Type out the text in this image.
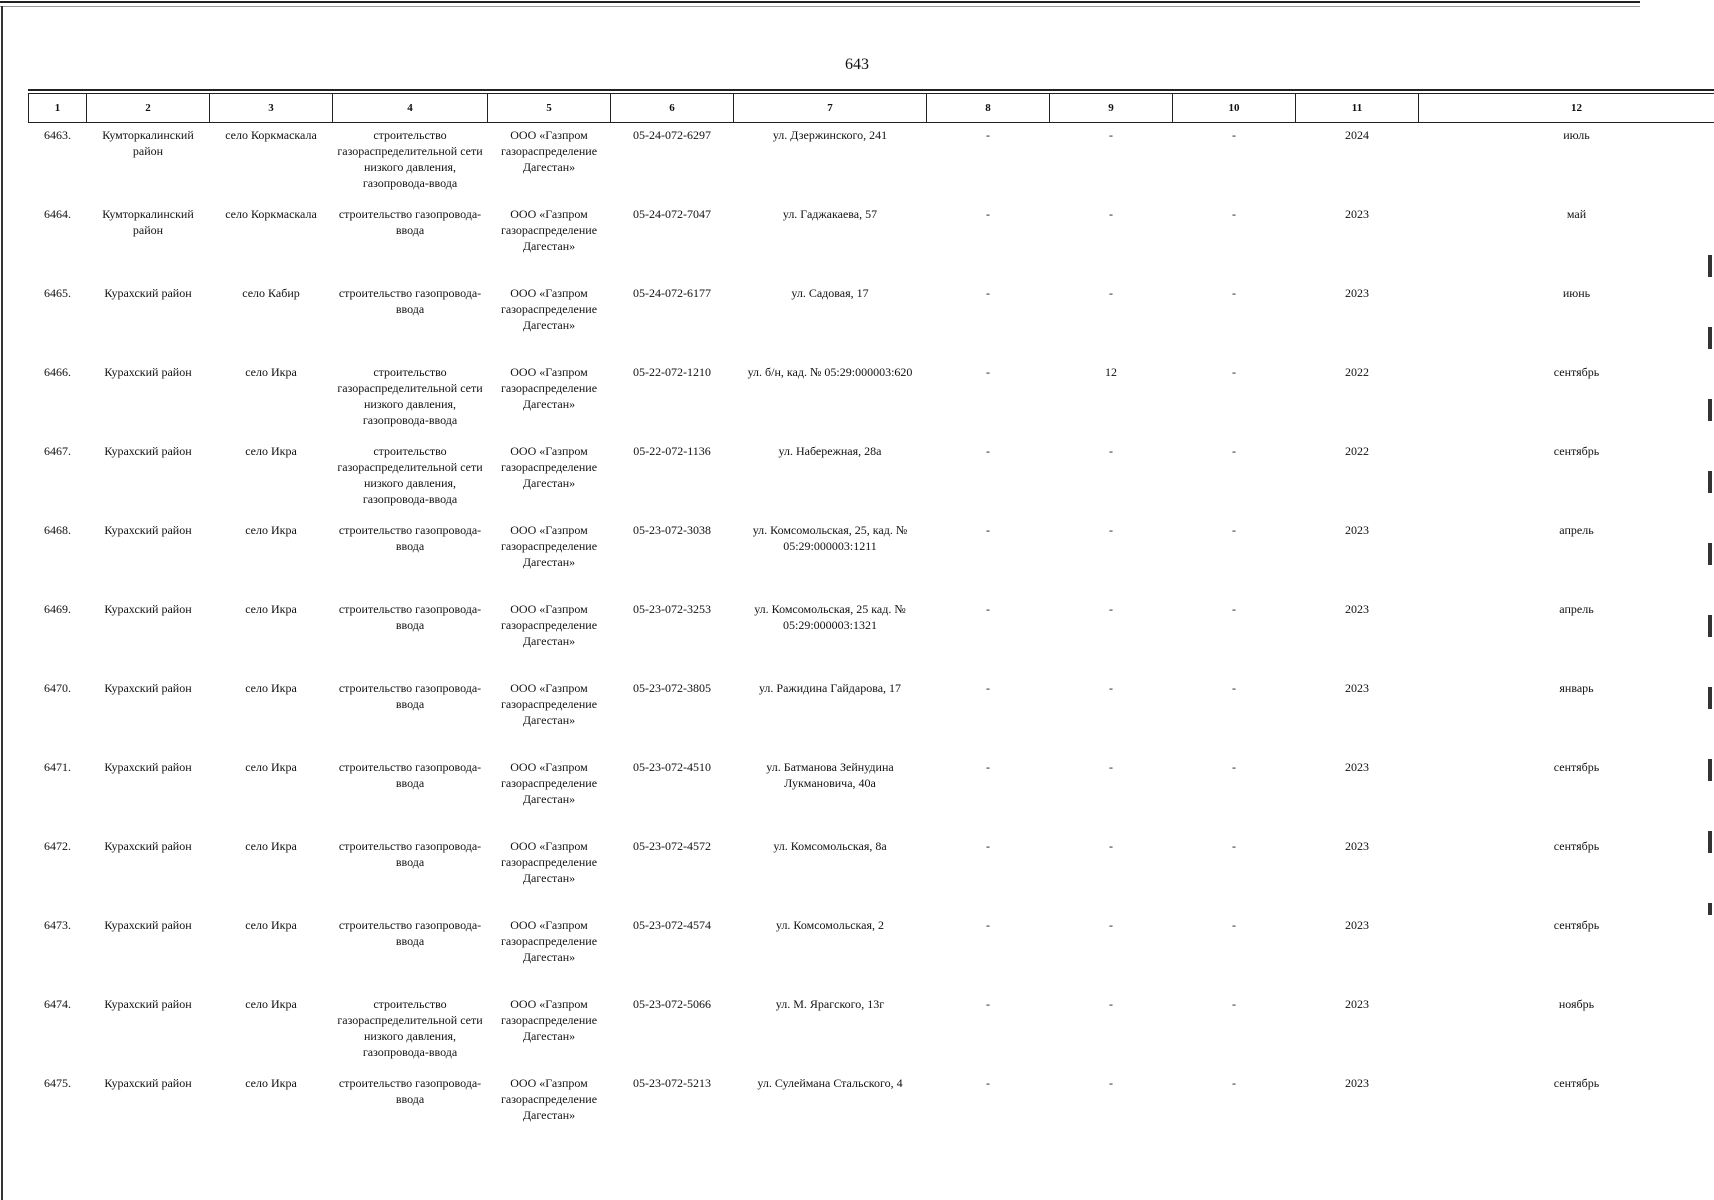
643
1	2	3	4	5	6	7	8	9	10	11	12
6463.	Кумторкалинский район	село Коркмаскала	строительство газораспределительной сети низкого давления, газопровода-ввода	ООО «Газпром газораспределение Дагестан»	05-24-072-6297	ул. Дзержинского, 241	-	-	-	2024	июль
6464.	Кумторкалинский район	село Коркмаскала	строительство газопровода-ввода	ООО «Газпром газораспределение Дагестан»	05-24-072-7047	ул. Гаджакаева, 57	-	-	-	2023	май
6465.	Курахский район	село Кабир	строительство газопровода-ввода	ООО «Газпром газораспределение Дагестан»	05-24-072-6177	ул. Садовая, 17	-	-	-	2023	июнь
6466.	Курахский район	село Икра	строительство газораспределительной сети низкого давления, газопровода-ввода	ООО «Газпром газораспределение Дагестан»	05-22-072-1210	ул. б/н, кад. № 05:29:000003:620	-	12	-	2022	сентябрь
6467.	Курахский район	село Икра	строительство газораспределительной сети низкого давления, газопровода-ввода	ООО «Газпром газораспределение Дагестан»	05-22-072-1136	ул. Набережная, 28а	-	-	-	2022	сентябрь
6468.	Курахский район	село Икра	строительство газопровода-ввода	ООО «Газпром газораспределение Дагестан»	05-23-072-3038	ул. Комсомольская, 25, кад. № 05:29:000003:1211	-	-	-	2023	апрель
6469.	Курахский район	село Икра	строительство газопровода-ввода	ООО «Газпром газораспределение Дагестан»	05-23-072-3253	ул. Комсомольская, 25 кад. № 05:29:000003:1321	-	-	-	2023	апрель
6470.	Курахский район	село Икра	строительство газопровода-ввода	ООО «Газпром газораспределение Дагестан»	05-23-072-3805	ул. Ражидина Гайдарова, 17	-	-	-	2023	январь
6471.	Курахский район	село Икра	строительство газопровода-ввода	ООО «Газпром газораспределение Дагестан»	05-23-072-4510	ул. Батманова Зейнудина Лукмановича, 40а	-	-	-	2023	сентябрь
6472.	Курахский район	село Икра	строительство газопровода-ввода	ООО «Газпром газораспределение Дагестан»	05-23-072-4572	ул. Комсомольская, 8а	-	-	-	2023	сентябрь
6473.	Курахский район	село Икра	строительство газопровода-ввода	ООО «Газпром газораспределение Дагестан»	05-23-072-4574	ул. Комсомольская, 2	-	-	-	2023	сентябрь
6474.	Курахский район	село Икра	строительство газораспределительной сети низкого давления, газопровода-ввода	ООО «Газпром газораспределение Дагестан»	05-23-072-5066	ул. М. Ярагского, 13г	-	-	-	2023	ноябрь
6475.	Курахский район	село Икра	строительство газопровода-ввода	ООО «Газпром газораспределение Дагестан»	05-23-072-5213	ул. Сулеймана Стальского, 4	-	-	-	2023	сентябрь
